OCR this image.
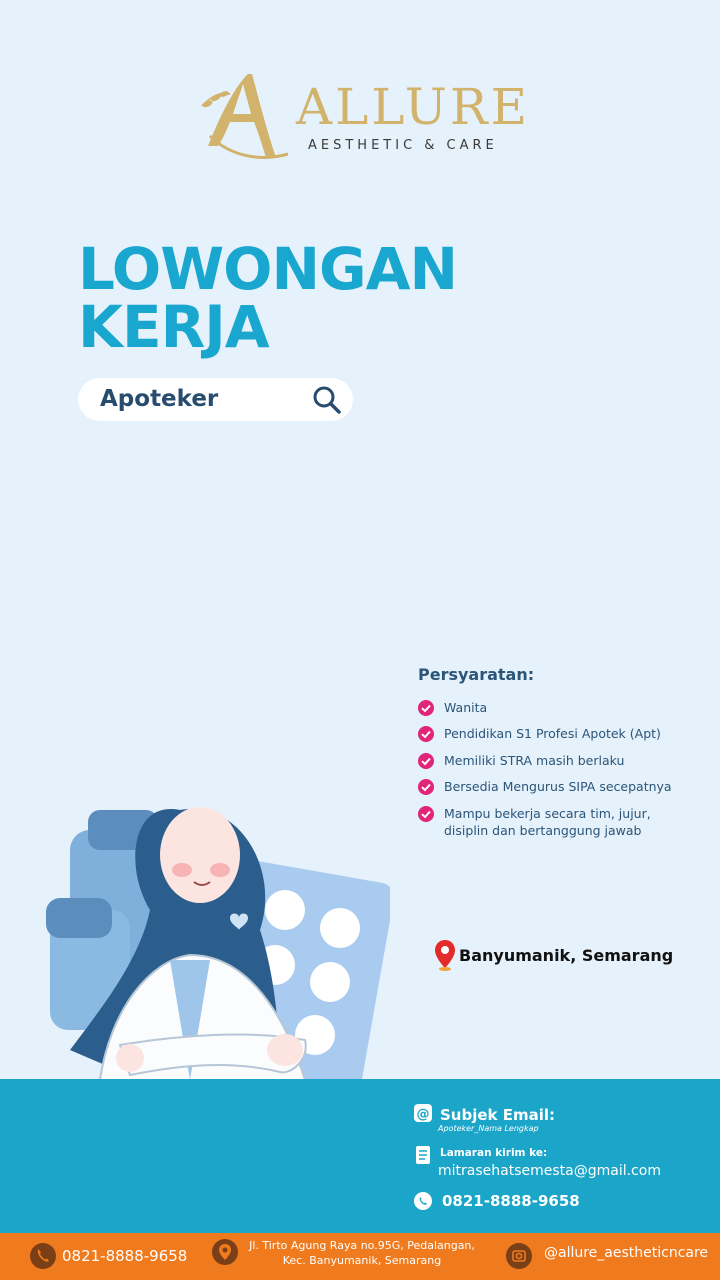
ALLURE
AESTHETIC & CARE
LOWONGAN
KERJA
Apoteker
Persyaratan:
Wanita
Pendidikan S1 Profesi Apotek (Apt)
Memiliki STRA masih berlaku
Bersedia Mengurus SIPA secepatnya
Mampu bekerja secara tim, jujur, disiplin dan bertanggung jawab
Banyumanik, Semarang
@ Subjek Email:
Apoteker_Nama Lengkap
Lamaran kirim ke:
mitrasehatsemesta@gmail.com
0821-8888-9658
0821-8888-9658
Jl. Tirto Agung Raya no.95G, Pedalangan, Kec. Banyumanik, Semarang	@allure_aestheticncare
